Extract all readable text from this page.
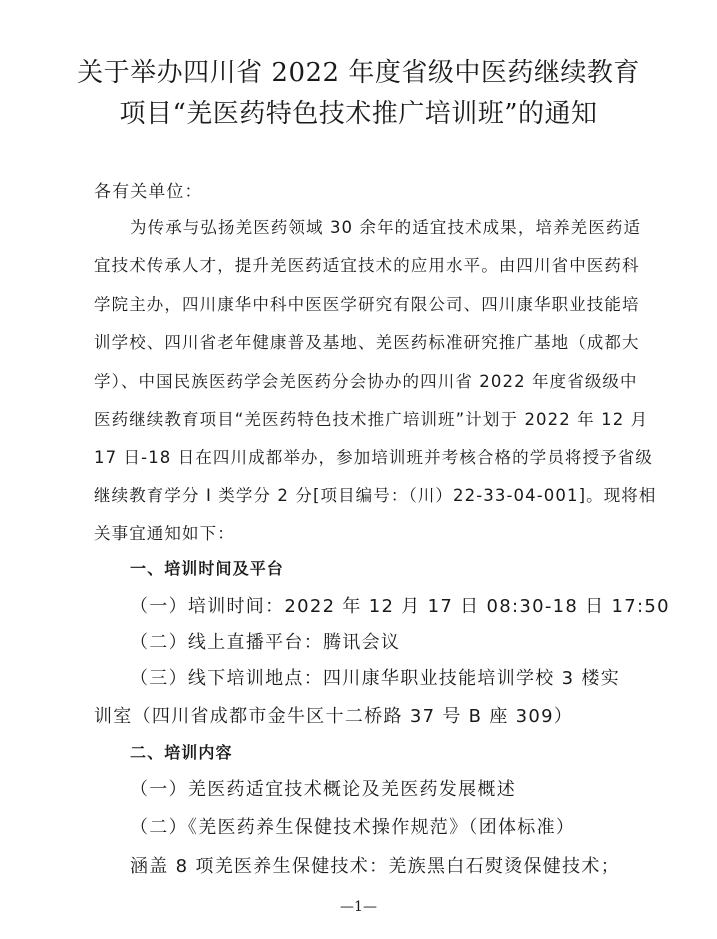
关于举办四川省 2022 年度省级中医药继续教育
项目“羌医药特色技术推广培训班”的通知
各有关单位：
为传承与弘扬羌医药领域 30 余年的适宜技术成果，培养羌医药适
宜技术传承人才，提升羌医药适宜技术的应用水平。由四川省中医药科
学院主办，四川康华中科中医医学研究有限公司、四川康华职业技能培
训学校、四川省老年健康普及基地、羌医药标准研究推广基地（成都大
学）、中国民族医药学会羌医药分会协办的四川省 2022 年度省级级中
医药继续教育项目“羌医药特色技术推广培训班”计划于 2022 年 12 月
17 日-18 日在四川成都举办，参加培训班并考核合格的学员将授予省级
继续教育学分 I 类学分 2 分[项目编号：（川）22-33-04-001]。现将相
关事宜通知如下：
一、培训时间及平台
（一）培训时间：2022 年 12 月 17 日 08:30-18 日 17:50
（二）线上直播平台：腾讯会议
（三）线下培训地点：四川康华职业技能培训学校 3 楼实
训室（四川省成都市金牛区十二桥路 37 号 B 座 309）
二、培训内容
（一）羌医药适宜技术概论及羌医药发展概述
（二）《羌医药养生保健技术操作规范》（团体标准）
涵盖 8 项羌医养生保健技术：羌族黑白石熨烫保健技术；
—1—
